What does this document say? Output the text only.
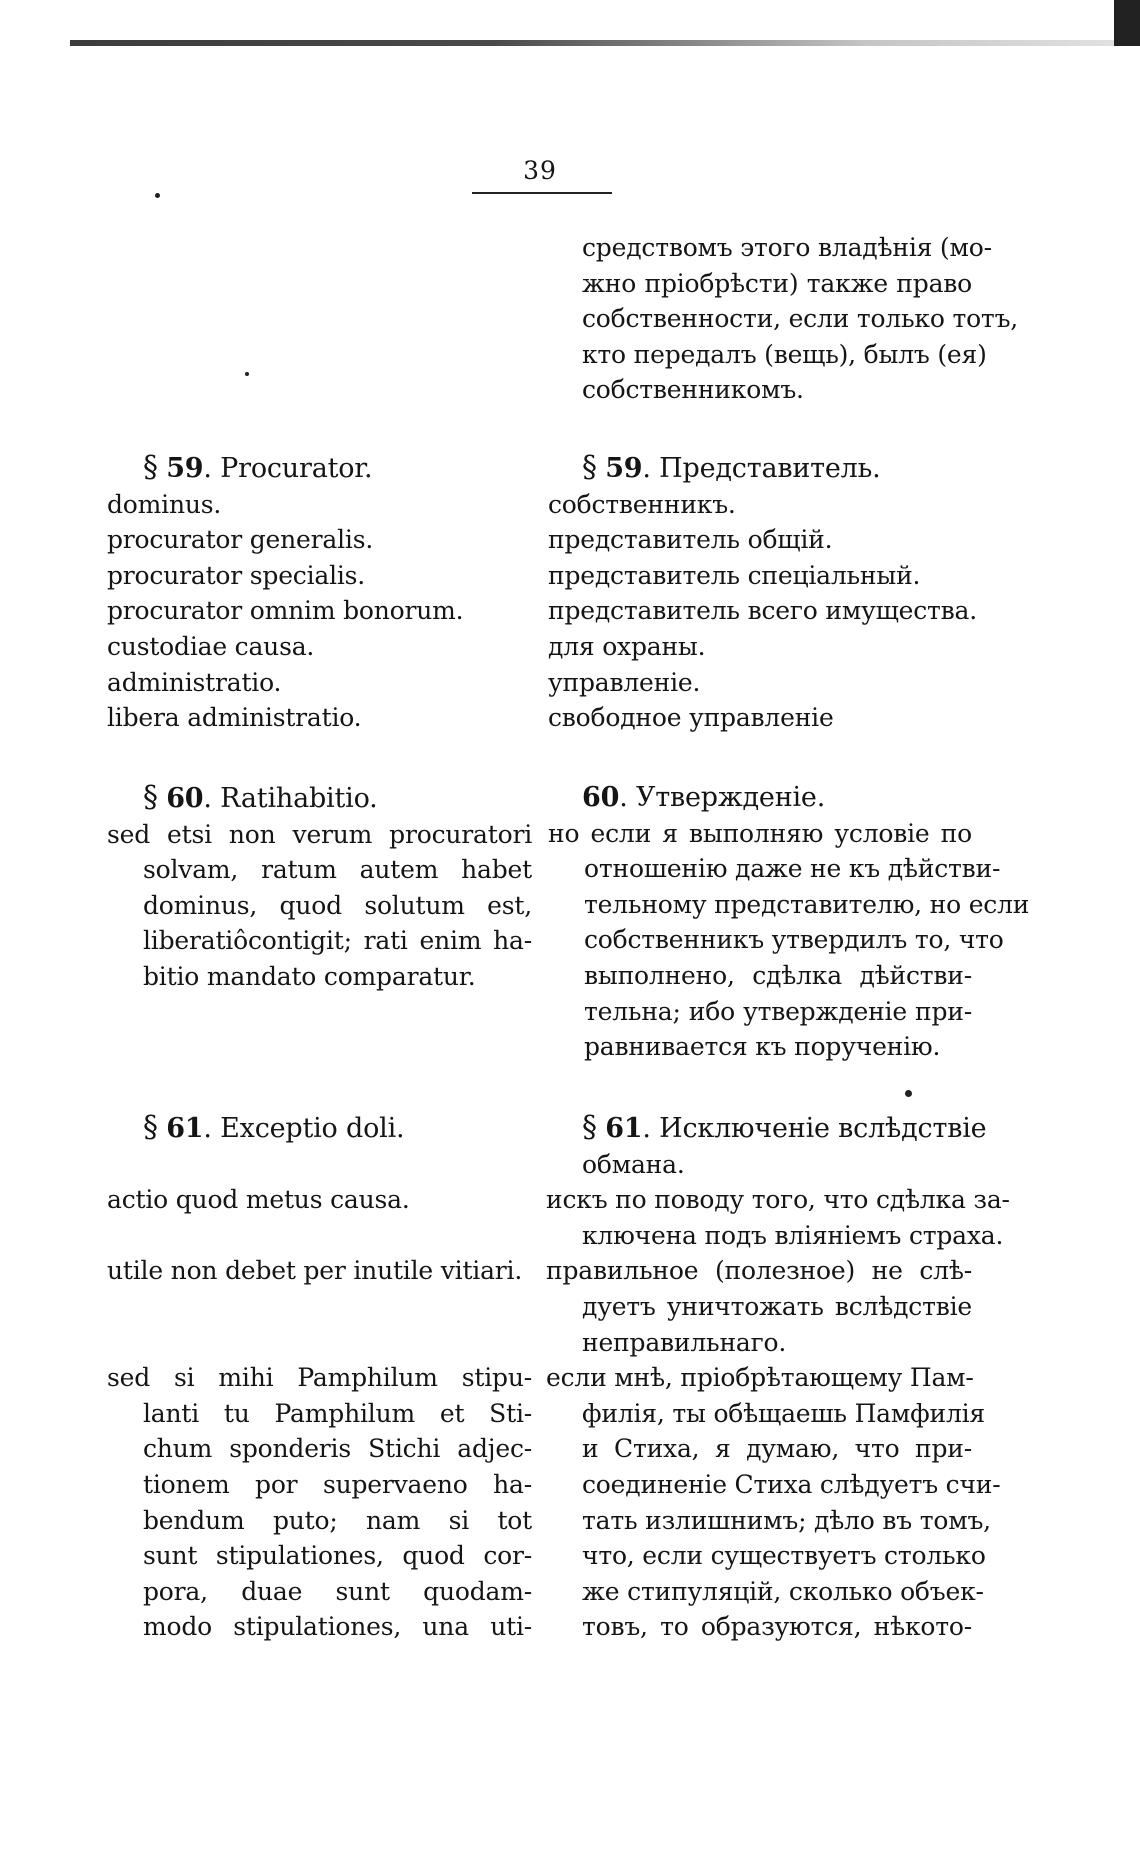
39
средствомъ этого владѣнія (мо-
жно пріобрѣсти) также право
собственности, если только тотъ,
кто передалъ (вещь), былъ (ея)
собственникомъ.
§ 59. Procurator.
dominus.
procurator generalis.
procurator specialis.
procurator omnim bonorum.
custodiae causa.
administratio.
libera administratio.
§ 59. Представитель.
собственникъ.
представитель общій.
представитель спеціальный.
представитель всего имущества.
для охраны.
управленіе.
свободное управленіе
§ 60. Ratihabitio.
sed etsi non verum procuratori
solvam, ratum autem habet
dominus, quod solutum est,
liberatiôcontigit; rati enim ha-
bitio mandato comparatur.
60. Утвержденіе.
но если я выполняю условіе по
отношенію даже не къ дѣйстви-
тельному представителю, но если
собственникъ утвердилъ то, что
выполнено, сдѣлка дѣйстви-
тельна; ибо утвержденіе при-
равнивается къ порученію.
§ 61. Exceptio doli.
actio quod metus causa.
utile non debet per inutile vitiari.
sed si mihi Pamphilum stipu-
lanti tu Pamphilum et Sti-
chum sponderis Stichi adjec-
tionem por supervaeno ha-
bendum puto; nam si tot
sunt stipulationes, quod cor-
pora, duae sunt quodam-
modo stipulationes, una uti-
§ 61. Исключеніе вслѣдствіе
обмана.
искъ по поводу того, что сдѣлка за-
ключена подъ вліяніемъ страха.
правильное (полезное) не слѣ-
дуетъ уничтожать вслѣдствіе
неправильнаго.
если мнѣ, пріобрѣтающему Пам-
филія, ты обѣщаешь Памфилія
и Стиха, я думаю, что при-
соединеніе Стиха слѣдуетъ счи-
тать излишнимъ; дѣло въ томъ,
что, если существуетъ столько
же стипуляцій, сколько объек-
товъ, то образуются, нѣкото-
